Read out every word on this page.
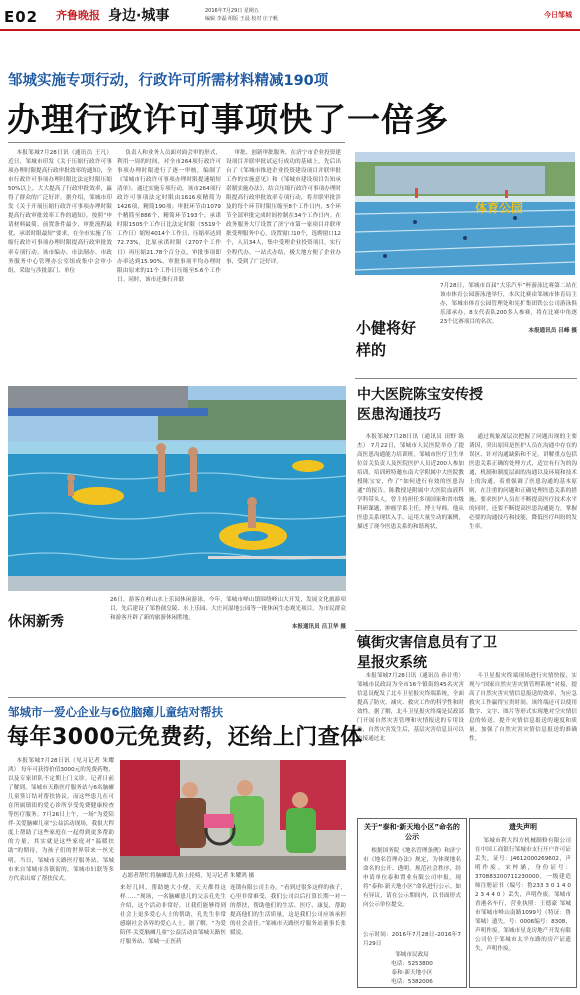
E02 齐鲁晚报 身边·城事	2016年7月29日 星期五
编辑 李磊 组版 王晨 校对 庄子帆	今日邹城
邹城实施专项行动，行政许可所需材料精减190项
办理行政许可事项快了一倍多
本报邹城7月28日讯（通讯员 王凡） 近日，邹城市印发《关于压缩行政许可事项办理时限提高行政审批效率的通知》，全市行政许可事项办理时限比法定时限压缩50%以上，大大提高了行政审批效率，赢得了群众的广泛好评。据介绍，邹城市印发《关于开展压缩行政许可事项办理时限提高行政审批效率工作的通知》，按照“申请材料最简、前置条件最少、审批流程最优、承诺时限最短”要求，在全市实施了压缩行政许可事项办理时限提高行政审批效率专项行动。该市编办、市法制办、市政务服务中心管理办公室组成集中会审小组，采取与涉批部门、单位
负责人和业务人员面对面会审的形式，利用一周的时间，对全市264项行政许可事项办理时限进行了逐一审核，编制了《邹城市行政许可事项办理时限提速缩短清单》。通过实施专项行动，该市264项行政许可事项法定时限由1616项精简为1426项，精简190项；审批环节由1079个精简至886个，精简环节193个；承诺时限1505个工作日比法定时限（5519个工作日）缩短4014个工作日，压缩率达到72.73%，比原承诺时限（2707个工作日）再压缩21.78个百分点，审批事项即办率达到15.90%，审批事项平均办理时限由原来的11个工作日压缩至5.6个工作日。同时，该市还推行并联
审批、创新审批服务，在济宁市企业投资建设项目并联审批试运行成功的基础上，先后出台了《邹城市推进企业投资建设项目并联审批工作的实施意见》和《邹城市建设项目告知承诺制实施办法》，结合压缩行政许可事项办理时限提高行政审批效率专项行动，将并联审批涉及的每个环节时限压缩至8个工作日内，5个环节全部审批完成时间控制在34个工作日内。在政务服务大厅设置了济宁市第一家项目并联审批受理服务中心，设置窗口10个，选聘窗口12个，人员34人，集中受理企业投资项目，实行全程代办，一站式办结，极大地方便了企业办事，受到了广泛好评。
体育公园
7月28日，邹城市首届“大乐汽车”杯游泳比赛第二站在该市体育公园游泳池举行，本次比赛由邹城市体育局主办，邹城市体育公园管理处和宪扩集团铁公公司游泳俱乐部承办，8支代表队200多人参赛，将在比赛中角逐23个比赛项目的名次。
本报通讯员 吕峰 摄
小健将好样的
中大医院陈宝安传授医患沟通技巧
本报邹城7月28日讯（通讯员 田野 陈杰） 7月22日，邹城市人民医院举办了提高医患沟通能力培训班，邹城市医疗卫生单位首关负责人及医院医护人员近200人参加培训。培训班特邀东南大学附属中大医院教授陈宝安，作了“如何进行有效的医患沟通”的报告。陈教授是附属中大医院血液科学科带头人，曾主持担任多项国家和省市级科研课题，肿瘤学系主任，博士导师。他从医患关系现状入手，运用大量生动的案例，描述了现今医患关系的和谐现状，
通过现象深层次把握了问题出现的主要诱因，突出原因是医护人员在沟通中存在的误区、针对沟通缺陷和不足，讲解重点包括医患关系正确的处理方式，适宜有行为的沟通，机制和制度层面的沟通以及环境和技术上的沟通，着重强调了医患沟通的基本原则，在注重的问题和正确处理医患关系的措施，要求医护人员在不断提高医疗技术水平的同时，还要不断提高医患沟通能力，掌握必要的沟通技巧和技能，降低医疗纠纷的发生率。
26日，游客在峄山水上乐园休闲游泳。今年，邹城市峄山镇围绕峄山大开发，发展文化旅游项目，先后建设了邹鲁孺皇陵、水上乐园、大庄河湿地公园等一批休闲生态观光项目，为市民群众和游客开辟了新的旅游休闲胜地。
本报通讯员 吕卫华 摄
休闲新秀
镇街灾害信息员有了卫星报灾系统
本报邹城7月28日讯（通讯员 孙计勇） 邹城市民政局为全市16个镇街的45名灾害信息员配发了北斗卫星报灾终端系统，全面提高了防灾、减灾、救灾工作的科学性和时效性。据了解，北斗卫星报灾终端是民政部门开展自然灾害管理和灾情报送的专用设备，自然灾害发生后，基层灾害信息员可以直接通过北
斗卫星报灾终端现场进行灾情快报，实现与“国家自然灾害灾情管理系统”对接，提高了自然灾害灾情信息报送的效率，为应急救灾工作赢得宝贵时间。该终端还可以使用数字、文字、图片等形式实现地对空灾情信息的传送，提升灾情信息报送的速度和质量，加强了自然灾害灾情信息报送的准确性。
邹城市一爱心企业与6位脑瘫儿童结对帮扶
每年3000元免费药，还给上门查体
本报邹城7月28日讯（见习记者 朱耀鸿） 每年可获得价值3000元的免费药物，以及专家团队不定期上门义诊。记者日前了解到，邹城市天路医疗服务站与6名脑瘫儿童签订结对帮扶协议，而这些患儿在可在所属镇街的爱心诊所享受免费健康检查等医疗服务。7月26日上午，一场“为爱陪伴·关爱脑瘫儿童”公益活动现场，我很大程度上帮助了这些家庭在一起得到更多帮助的力量，其实就是这些家庭对“温暖扶助”的期待，为孩子们的世界带来一丝光明。当日，邹城市天路医疗服务站、邹城市来自邹城市各镇街的，邹城市妇联等多方代表出席了帮扶仪式。	志愿者帮忙将脑瘫患儿抬上轮椅，见习记者 朱耀鸿 摄
来好几回，帮助她大小便，天天都得这样……”现场，一名脑瘫患儿的父亲孔先生介绍，这个活动非常好，让我们能够得到社会上更多爱心人士的帮助，孔先生非常感谢社会各界的爱心人士。据了解，“为爱陪伴·关爱脑瘫儿童”公益活动由邹城天路医疗服务站、邹城一正医药
连锁有限公司主办。“看到过很多这样的孩子，心里非常难受，我们公司以后打算长期一对一的帮扶，帮助他们的生活、医疗、康复，帮助提高他们的生活质量，这是我们公司应该承担的社会责任。”邹城市天路医疗服务站董事长张媛说。
关于“泰和·新天地小区”命名的公示
根据国务院《地名管理条例》和济宁市《地名管理办法》规定，为体现地名命名的公开、透明，规范社会秩序，经申请单位泰和置业有限公司申报，现将“泰和·新天地小区”命名进行公示。如有异议，请在公示期间内，以书面形式向公示单位提交。
公示时间：2016年7月28日–2016年7月29日
邹城市民政局
电话：5253800
泰和·新天地小区
电话：5382006
遗失声明
邹城市利大四方机械制修有限公司在中国工商银行邹城市支行开户许可证丢失，证号：J4612000269602，声明作废。宋梓涵，身份证号：370883200711230000，一级建造师注册证书（编号：鲁233 3 0 1 4 0 2 3 4 4 0 ）丢失，声明作废。邹城市香港名车行，营业执照：王德豪 邹城市邹城市峄山南路1099号（特证：鲁邹城）遗失，号：0006编号：8308，声明作废。邹城市星龙房地产开发有限公司位于邹城市太平东路的房产证遗失，声明作废。
